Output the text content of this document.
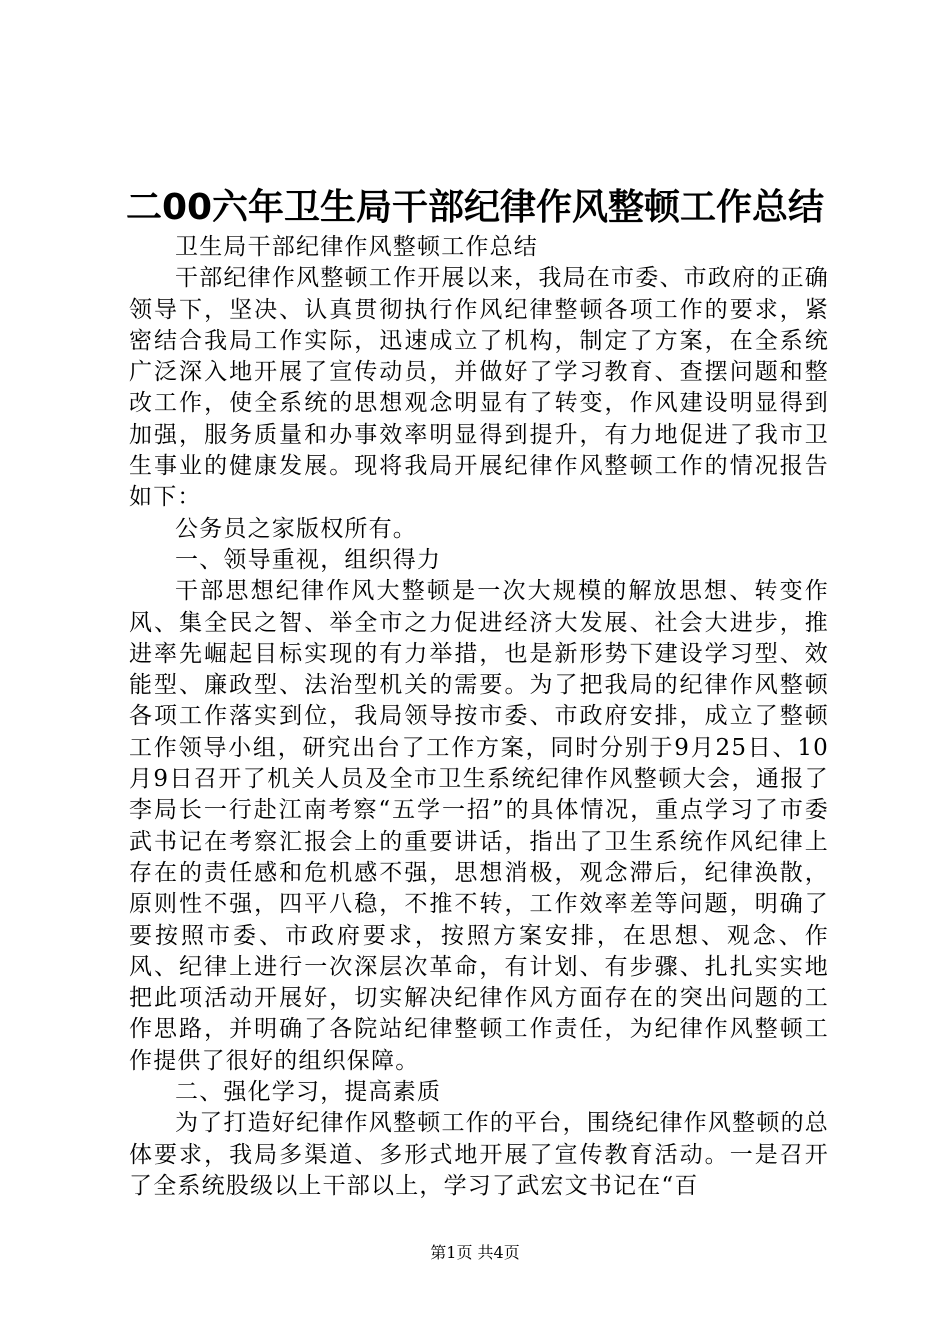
二00六年卫生局干部纪律作风整顿工作总结

卫生局干部纪律作风整顿工作总结

干部纪律作风整顿工作开展以来，我局在市委、市政府的正确领导下，坚决、认真贯彻执行作风纪律整顿各项工作的要求，紧密结合我局工作实际，迅速成立了机构，制定了方案，在全系统广泛深入地开展了宣传动员，并做好了学习教育、查摆问题和整改工作，使全系统的思想观念明显有了转变，作风建设明显得到加强，服务质量和办事效率明显得到提升，有力地促进了我市卫生事业的健康发展。现将我局开展纪律作风整顿工作的情况报告如下：

公务员之家版权所有。

一、领导重视，组织得力

干部思想纪律作风大整顿是一次大规模的解放思想、转变作风、集全民之智、举全市之力促进经济大发展、社会大进步，推进率先崛起目标实现的有力举措，也是新形势下建设学习型、效能型、廉政型、法治型机关的需要。为了把我局的纪律作风整顿各项工作落实到位，我局领导按市委、市政府安排，成立了整顿工作领导小组，研究出台了工作方案，同时分别于9月25日、10月9日召开了机关人员及全市卫生系统纪律作风整顿大会，通报了李局长一行赴江南考察“五学一招”的具体情况，重点学习了市委武书记在考察汇报会上的重要讲话，指出了卫生系统作风纪律上存在的责任感和危机感不强，思想消极，观念滞后，纪律涣散，原则性不强，四平八稳，不推不转，工作效率差等问题，明确了要按照市委、市政府要求，按照方案安排，在思想、观念、作风、纪律上进行一次深层次革命，有计划、有步骤、扎扎实实地把此项活动开展好，切实解决纪律作风方面存在的突出问题的工作思路，并明确了各院站纪律整顿工作责任，为纪律作风整顿工作提供了很好的组织保障。

二、强化学习，提高素质

为了打造好纪律作风整顿工作的平台，围绕纪律作风整顿的总体要求，我局多渠道、多形式地开展了宣传教育活动。一是召开了全系统股级以上干部以上，学习了武宏文书记在“百

第1页 共4页
